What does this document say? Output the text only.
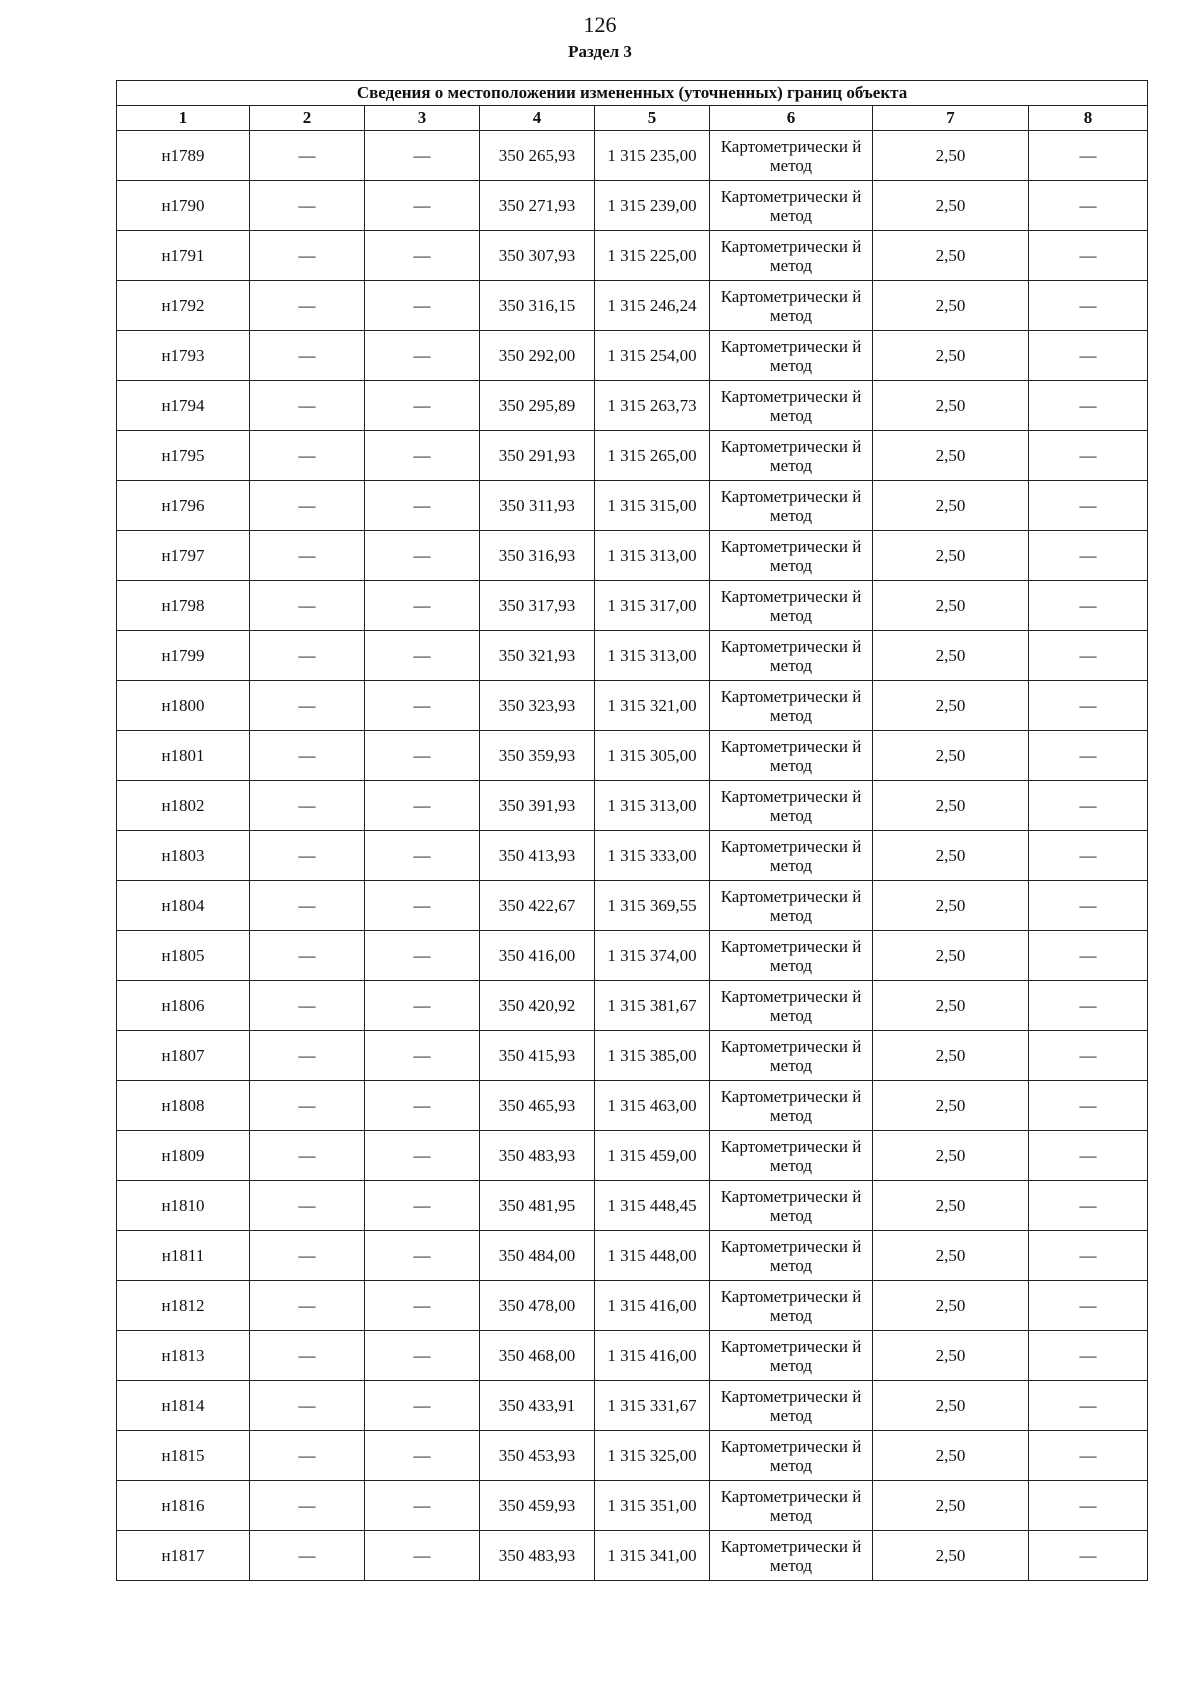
126
Раздел 3
Сведения о местоположении измененных (уточненных) границ объекта							
1	2	3	4	5	6	7	8
н1789	—	—	350 265,93	1 315 235,00	Картометрически й метод	2,50	—
н1790	—	—	350 271,93	1 315 239,00	Картометрически й метод	2,50	—
н1791	—	—	350 307,93	1 315 225,00	Картометрически й метод	2,50	—
н1792	—	—	350 316,15	1 315 246,24	Картометрически й метод	2,50	—
н1793	—	—	350 292,00	1 315 254,00	Картометрически й метод	2,50	—
н1794	—	—	350 295,89	1 315 263,73	Картометрически й метод	2,50	—
н1795	—	—	350 291,93	1 315 265,00	Картометрически й метод	2,50	—
н1796	—	—	350 311,93	1 315 315,00	Картометрически й метод	2,50	—
н1797	—	—	350 316,93	1 315 313,00	Картометрически й метод	2,50	—
н1798	—	—	350 317,93	1 315 317,00	Картометрически й метод	2,50	—
н1799	—	—	350 321,93	1 315 313,00	Картометрически й метод	2,50	—
н1800	—	—	350 323,93	1 315 321,00	Картометрически й метод	2,50	—
н1801	—	—	350 359,93	1 315 305,00	Картометрически й метод	2,50	—
н1802	—	—	350 391,93	1 315 313,00	Картометрически й метод	2,50	—
н1803	—	—	350 413,93	1 315 333,00	Картометрически й метод	2,50	—
н1804	—	—	350 422,67	1 315 369,55	Картометрически й метод	2,50	—
н1805	—	—	350 416,00	1 315 374,00	Картометрически й метод	2,50	—
н1806	—	—	350 420,92	1 315 381,67	Картометрически й метод	2,50	—
н1807	—	—	350 415,93	1 315 385,00	Картометрически й метод	2,50	—
н1808	—	—	350 465,93	1 315 463,00	Картометрически й метод	2,50	—
н1809	—	—	350 483,93	1 315 459,00	Картометрически й метод	2,50	—
н1810	—	—	350 481,95	1 315 448,45	Картометрически й метод	2,50	—
н1811	—	—	350 484,00	1 315 448,00	Картометрически й метод	2,50	—
н1812	—	—	350 478,00	1 315 416,00	Картометрически й метод	2,50	—
н1813	—	—	350 468,00	1 315 416,00	Картометрически й метод	2,50	—
н1814	—	—	350 433,91	1 315 331,67	Картометрически й метод	2,50	—
н1815	—	—	350 453,93	1 315 325,00	Картометрически й метод	2,50	—
н1816	—	—	350 459,93	1 315 351,00	Картометрически й метод	2,50	—
н1817	—	—	350 483,93	1 315 341,00	Картометрически й метод	2,50	—
